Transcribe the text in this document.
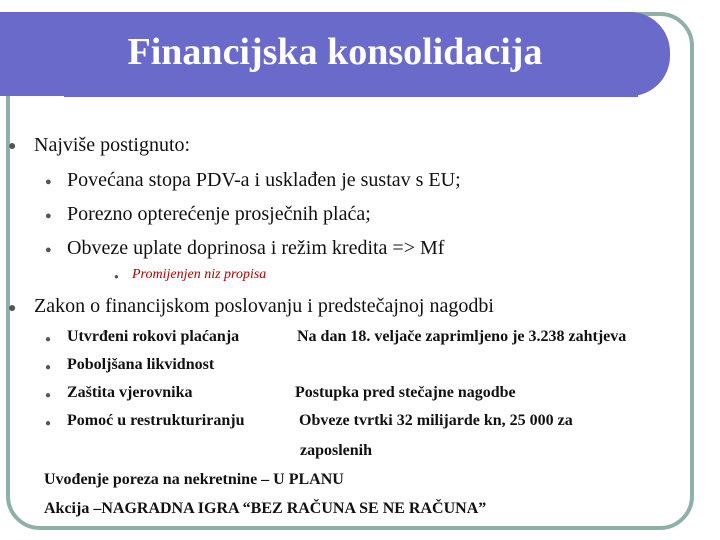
Financijska konsolidacija
● Najviše postignuto:
● Povećana stopa PDV-a i usklađen je sustav s EU;
● Porezno opterećenje prosječnih plaća;
● Obveze uplate doprinosa i režim kredita => Mf
● Promijenjen niz propisa
● Zakon o financijskom poslovanju i predstečajnoj nagodbi
● Utvrđeni rokovi plaćanja	Na dan 18. veljače zaprimljeno je 3.238 zahtjeva
● Poboljšana likvidnost
● Zaštita vjerovnika	Postupka pred stečajne nagodbe
● Pomoć u restrukturiranju	Obveze tvrtki 32 milijarde kn, 25 000 za
zaposlenih
Uvođenje poreza na nekretnine – U PLANU
Akcija –NAGRADNA IGRA “BEZ RAČUNA SE NE RAČUNA”
